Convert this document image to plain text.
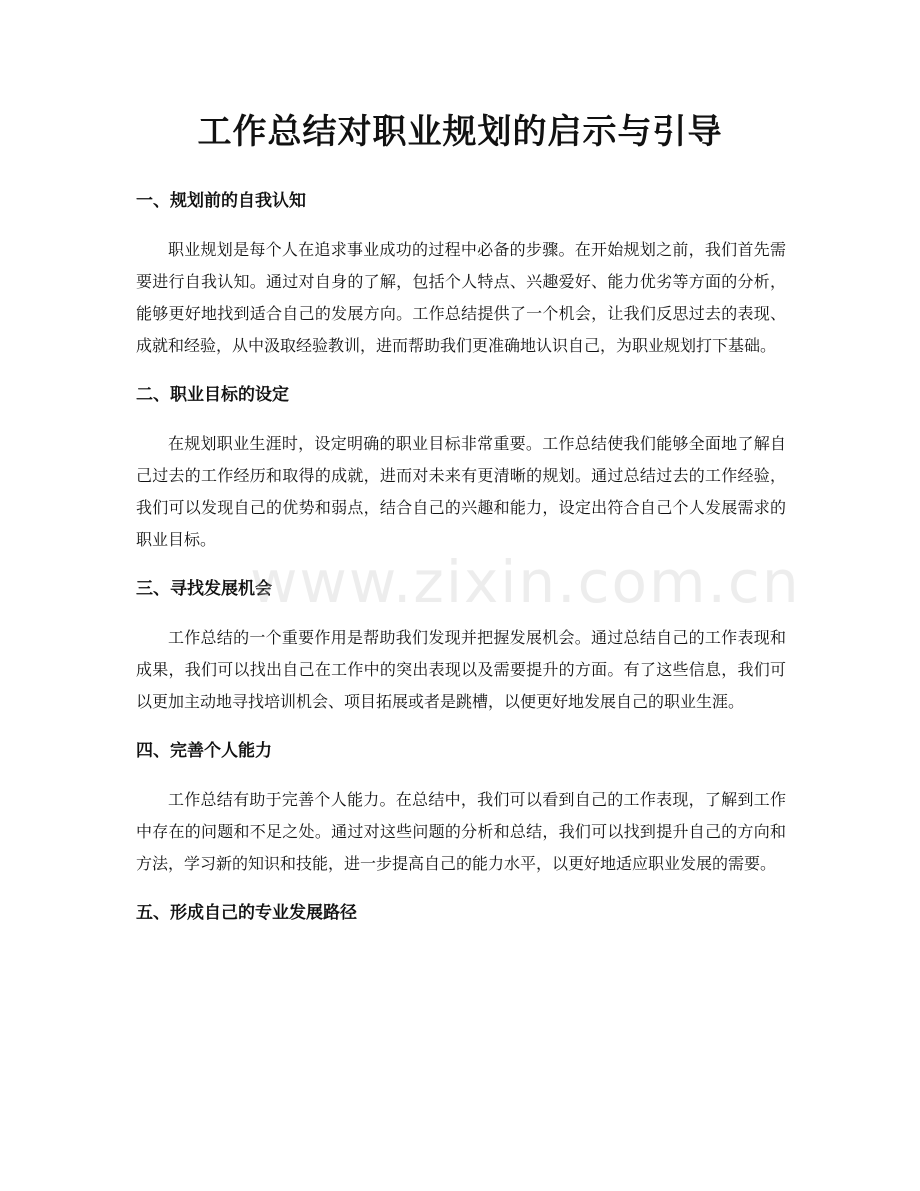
工作总结对职业规划的启示与引导
一、规划前的自我认知

职业规划是每个人在追求事业成功的过程中必备的步骤。在开始规划之前，我们首先需要进行自我认知。通过对自身的了解，包括个人特点、兴趣爱好、能力优劣等方面的分析，能够更好地找到适合自己的发展方向。工作总结提供了一个机会，让我们反思过去的表现、成就和经验，从中汲取经验教训，进而帮助我们更准确地认识自己，为职业规划打下基础。

二、职业目标的设定

在规划职业生涯时，设定明确的职业目标非常重要。工作总结使我们能够全面地了解自己过去的工作经历和取得的成就，进而对未来有更清晰的规划。通过总结过去的工作经验，我们可以发现自己的优势和弱点，结合自己的兴趣和能力，设定出符合自己个人发展需求的职业目标。

三、寻找发展机会

工作总结的一个重要作用是帮助我们发现并把握发展机会。通过总结自己的工作表现和成果，我们可以找出自己在工作中的突出表现以及需要提升的方面。有了这些信息，我们可以更加主动地寻找培训机会、项目拓展或者是跳槽，以便更好地发展自己的职业生涯。

四、完善个人能力

工作总结有助于完善个人能力。在总结中，我们可以看到自己的工作表现，了解到工作中存在的问题和不足之处。通过对这些问题的分析和总结，我们可以找到提升自己的方向和方法，学习新的知识和技能，进一步提高自己的能力水平，以更好地适应职业发展的需要。

五、形成自己的专业发展路径
www.zixin.com.cn
